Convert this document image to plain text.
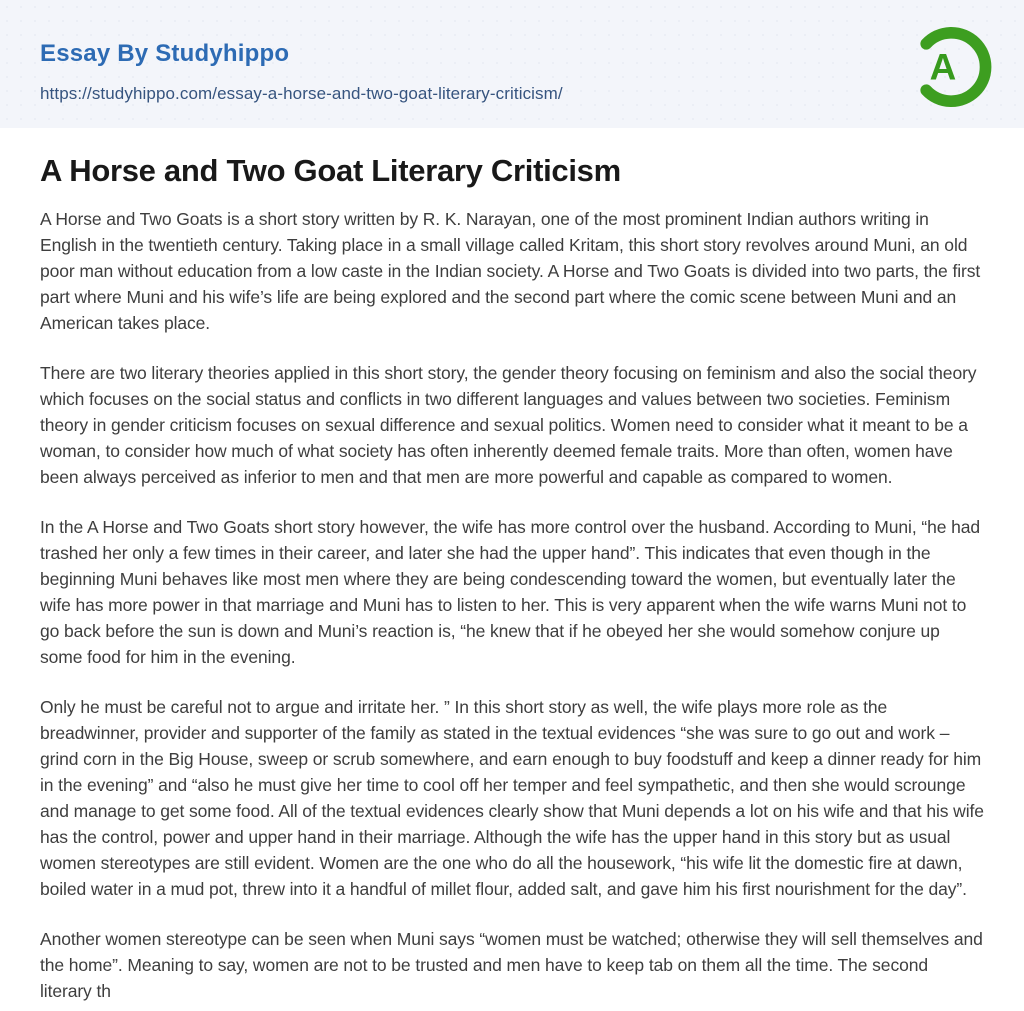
Essay By Studyhippo
https://studyhippo.com/essay-a-horse-and-two-goat-literary-criticism/
A
A Horse and Two Goat Literary Criticism

A Horse and Two Goats is a short story written by R. K. Narayan, one of the most prominent Indian authors writing in English in the twentieth century. Taking place in a small village called Kritam, this short story revolves around Muni, an old poor man without education from a low caste in the Indian society. A Horse and Two Goats is divided into two parts, the first part where Muni and his wife’s life are being explored and the second part where the comic scene between Muni and an American takes place.

There are two literary theories applied in this short story, the gender theory focusing on feminism and also the social theory which focuses on the social status and conflicts in two different languages and values between two societies. Feminism theory in gender criticism focuses on sexual difference and sexual politics. Women need to consider what it meant to be a woman, to consider how much of what society has often inherently deemed female traits. More than often, women have been always perceived as inferior to men and that men are more powerful and capable as compared to women.

In the A Horse and Two Goats short story however, the wife has more control over the husband. According to Muni, “he had trashed her only a few times in their career, and later she had the upper hand”. This indicates that even though in the beginning Muni behaves like most men where they are being condescending toward the women, but eventually later the wife has more power in that marriage and Muni has to listen to her. This is very apparent when the wife warns Muni not to go back before the sun is down and Muni’s reaction is, “he knew that if he obeyed her she would somehow conjure up some food for him in the evening.

Only he must be careful not to argue and irritate her. ” In this short story as well, the wife plays more role as the breadwinner, provider and supporter of the family as stated in the textual evidences “she was sure to go out and work – grind corn in the Big House, sweep or scrub somewhere, and earn enough to buy foodstuff and keep a dinner ready for him in the evening” and “also he must give her time to cool off her temper and feel sympathetic, and then she would scrounge and manage to get some food. All of the textual evidences clearly show that Muni depends a lot on his wife and that his wife has the control, power and upper hand in their marriage. Although the wife has the upper hand in this story but as usual women stereotypes are still evident. Women are the one who do all the housework, “his wife lit the domestic fire at dawn, boiled water in a mud pot, threw into it a handful of millet flour, added salt, and gave him his first nourishment for the day”.

Another women stereotype can be seen when Muni says “women must be watched; otherwise they will sell themselves and the home”. Meaning to say, women are not to be trusted and men have to keep tab on them all the time. The second literary th
